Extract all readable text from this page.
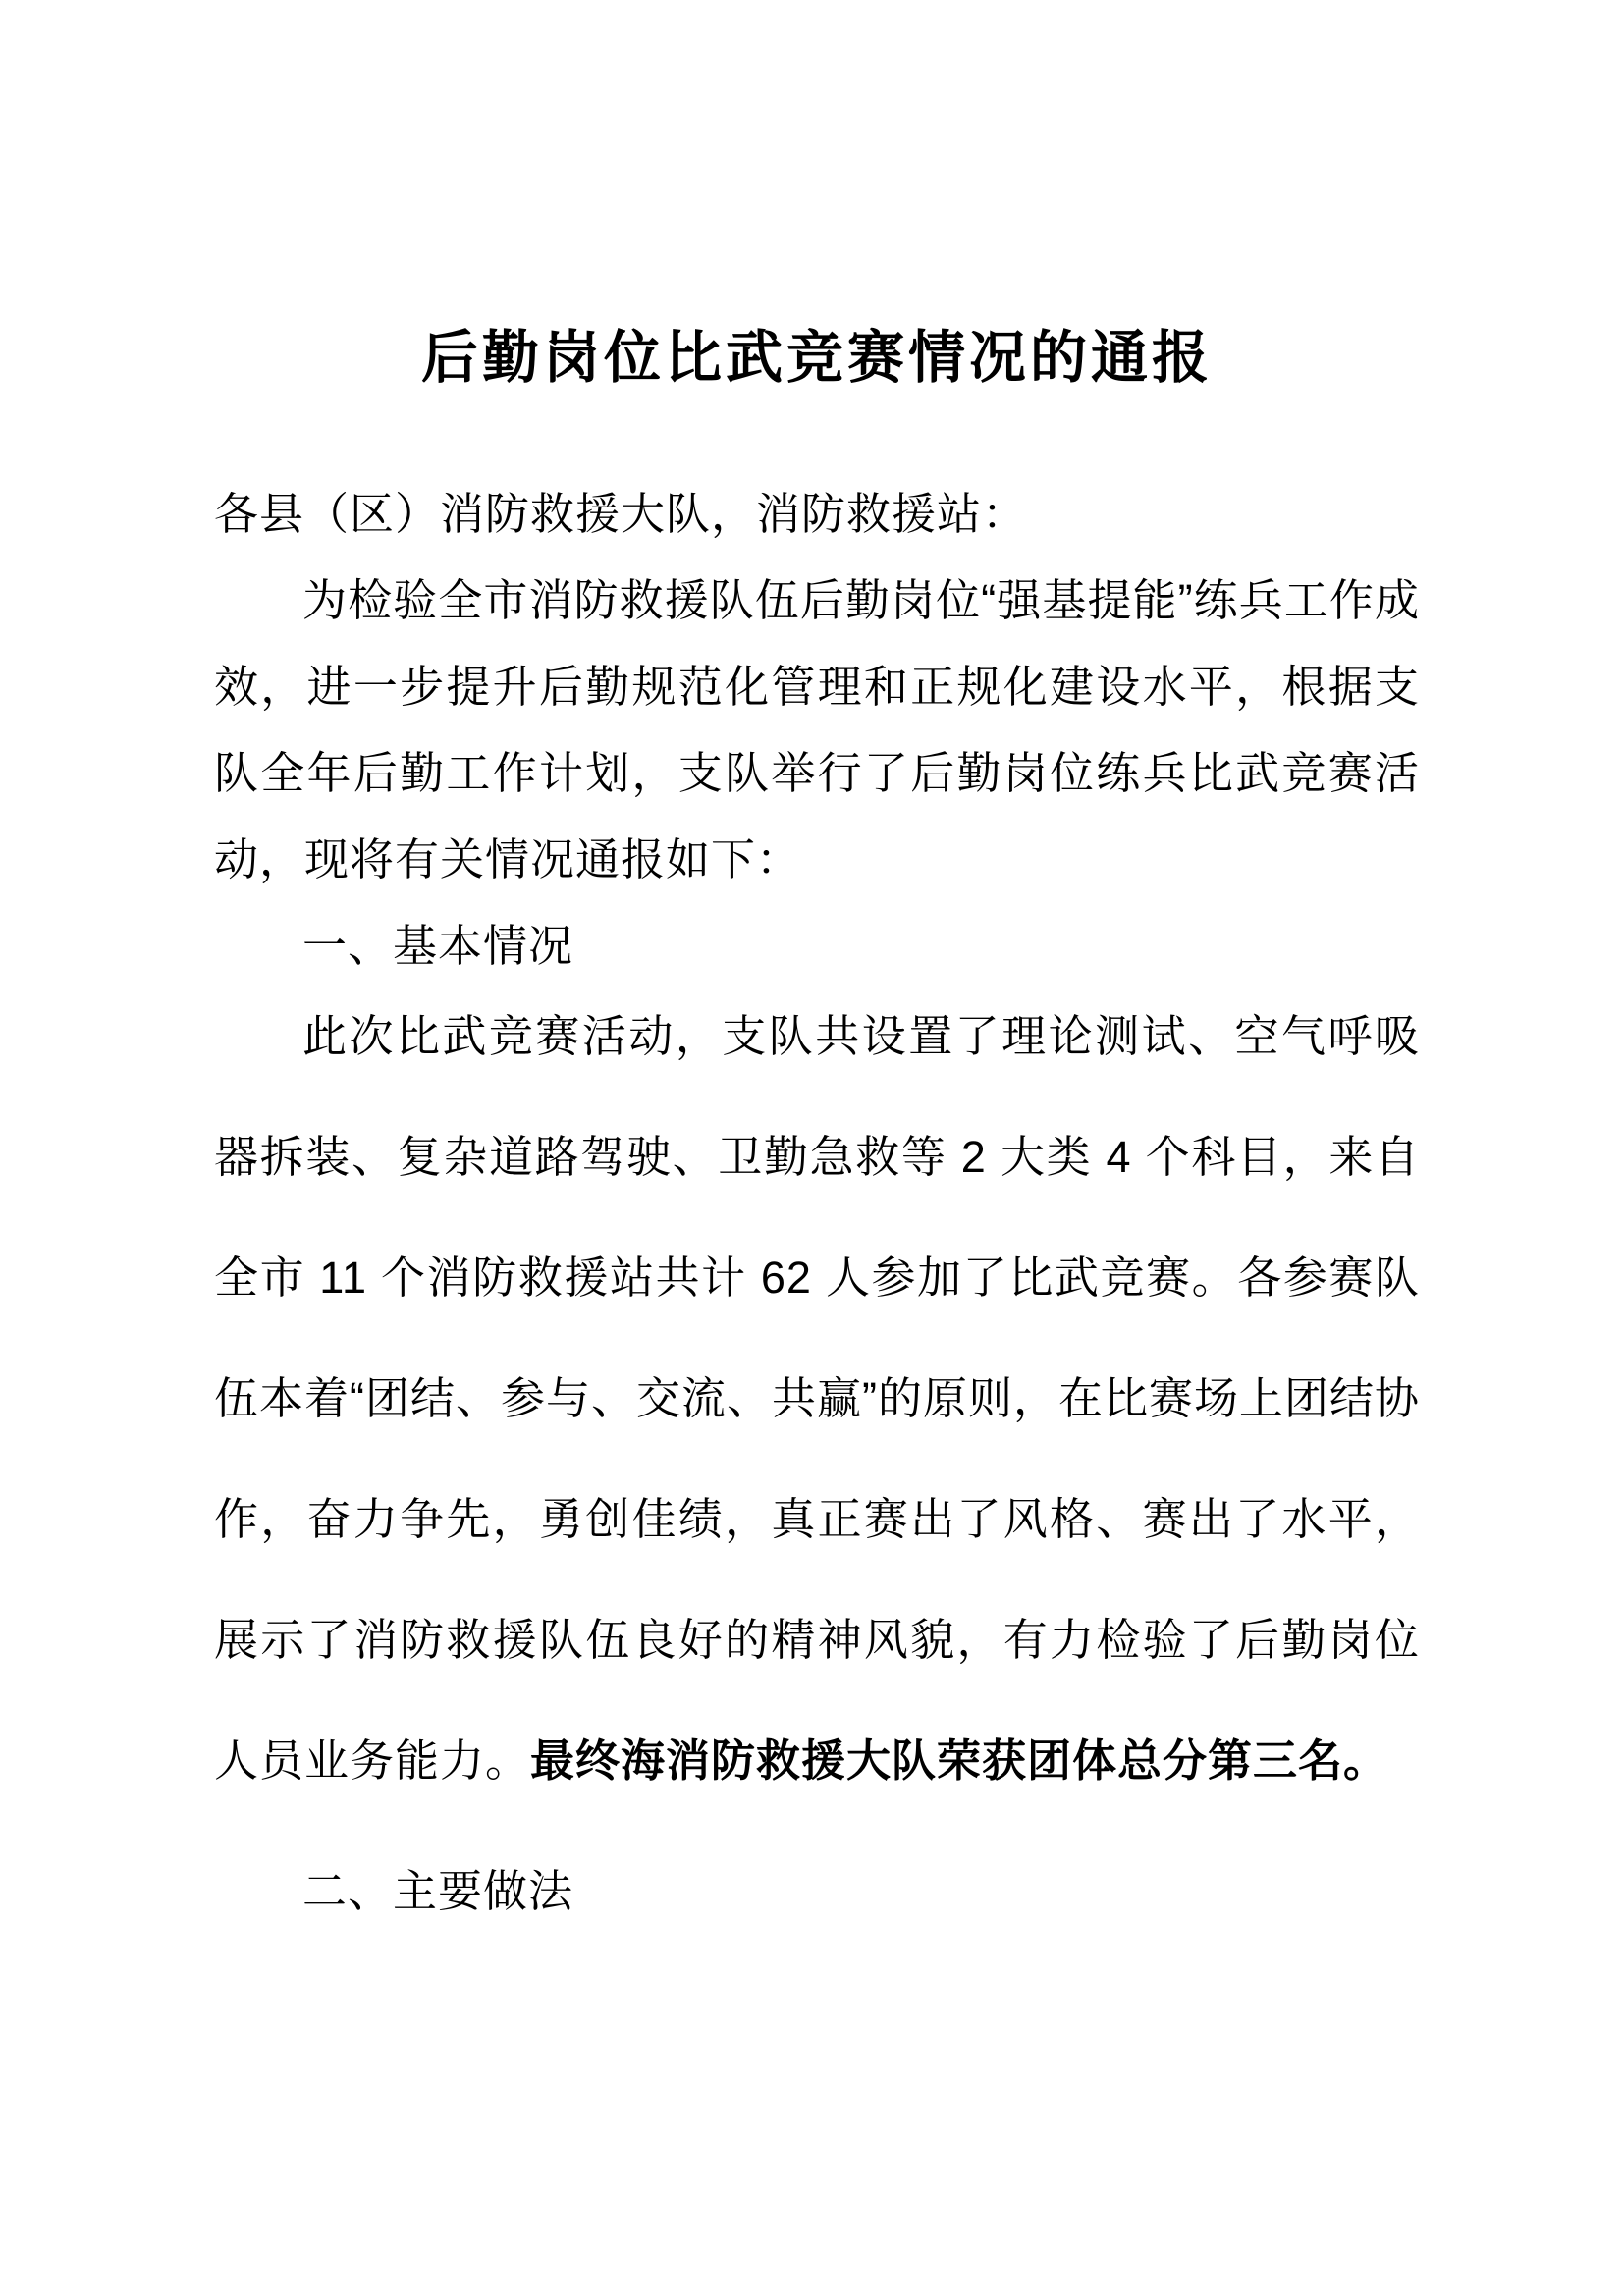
后勤岗位比武竞赛情况的通报

各县（区）消防救援大队，消防救援站：

为检验全市消防救援队伍后勤岗位“强基提能”练兵工作成效，进一步提升后勤规范化管理和正规化建设水平，根据支队全年后勤工作计划，支队举行了后勤岗位练兵比武竞赛活动，现将有关情况通报如下：

一、基本情况

此次比武竞赛活动，支队共设置了理论测试、空气呼吸器拆装、复杂道路驾驶、卫勤急救等 2 大类 4 个科目，来自全市 11 个消防救援站共计 62 人参加了比武竞赛。各参赛队伍本着“团结、参与、交流、共赢”的原则，在比赛场上团结协作，奋力争先，勇创佳绩，真正赛出了风格、赛出了水平，展示了消防救援队伍良好的精神风貌，有力检验了后勤岗位人员业务能力。最终海消防救援大队荣获团体总分第三名。

二、主要做法
